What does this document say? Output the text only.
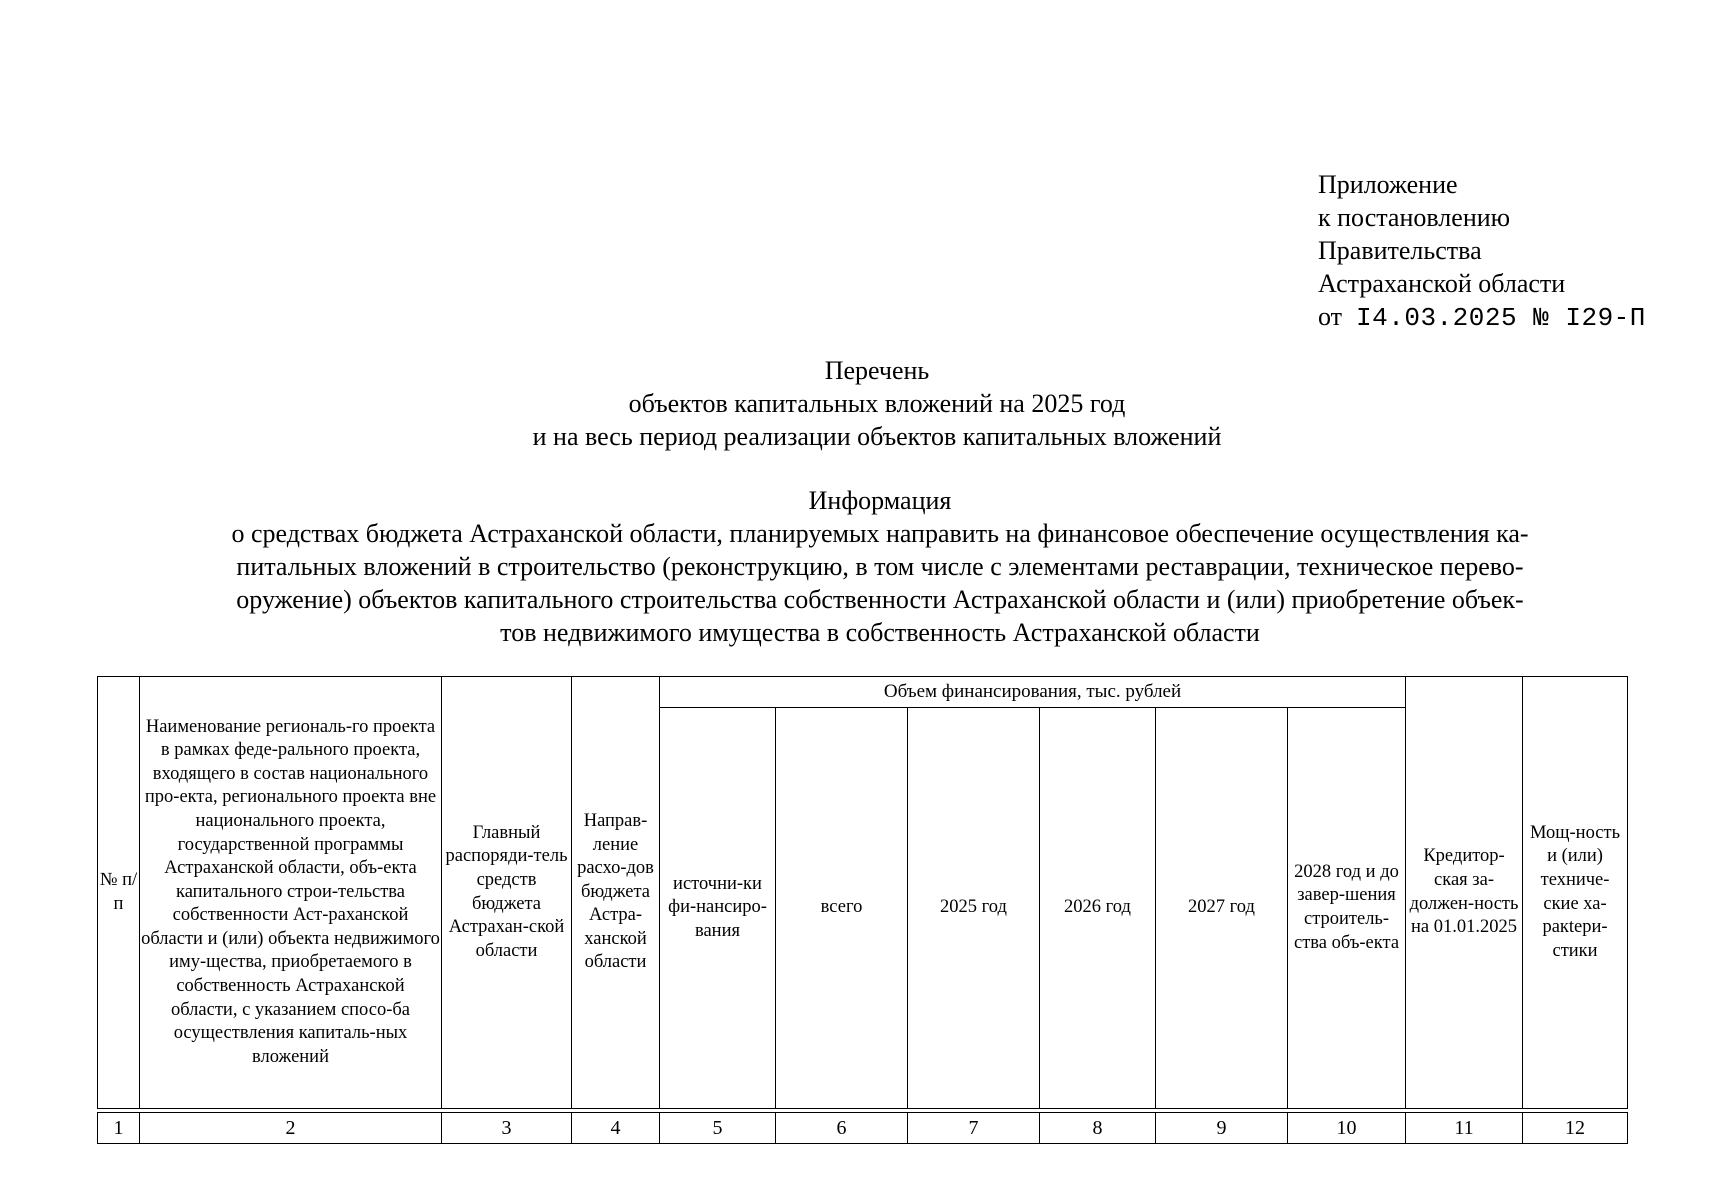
Приложение
к постановлению
Правительства
Астраханской области
от I4.03.2025 № I29-П
Перечень
объектов капитальных вложений на 2025 год
и на весь период реализации объектов капитальных вложений
Информация
о средствах бюджета Астраханской области, планируемых направить на финансовое обеспечение осуществления ка-
питальных вложений в строительство (реконструкцию, в том числе с элементами реставрации, техническое перево-
оружение) объектов капитального строительства собственности Астраханской области и (или) приобретение объек-
тов недвижимого имущества в собственность Астраханской области
№ п/п	Наименование региональ-го проекта в рамках феде-рального проекта, входящего в состав национального про-екта, регионального проекта вне национального проекта, государственной программы Астраханской области, объ-екта капитального строи-тельства собственности Аст-раханской области и (или) объекта недвижимого иму-щества, приобретаемого в собственность Астраханской области, с указанием спосо-ба осуществления капиталь-ных вложений	Главный распоряди-тель средств бюджета Астрахан-ской области	Направ-ление расхо-дов бюджета Астра-ханской области	Объем финансирования, тыс. рублей						Кредитор-ская за-должен-ность на 01.01.2025	Мощ-ность и (или) техниче-ские ха-ракteри-стики
				источни-ки фи-нансиро-вания	всего	2025 год	2026 год	2027 год	2028 год и до завер-шения строитель-ства объ-екта		

1	2	3	4	5	6	7	8	9	10	11	12
